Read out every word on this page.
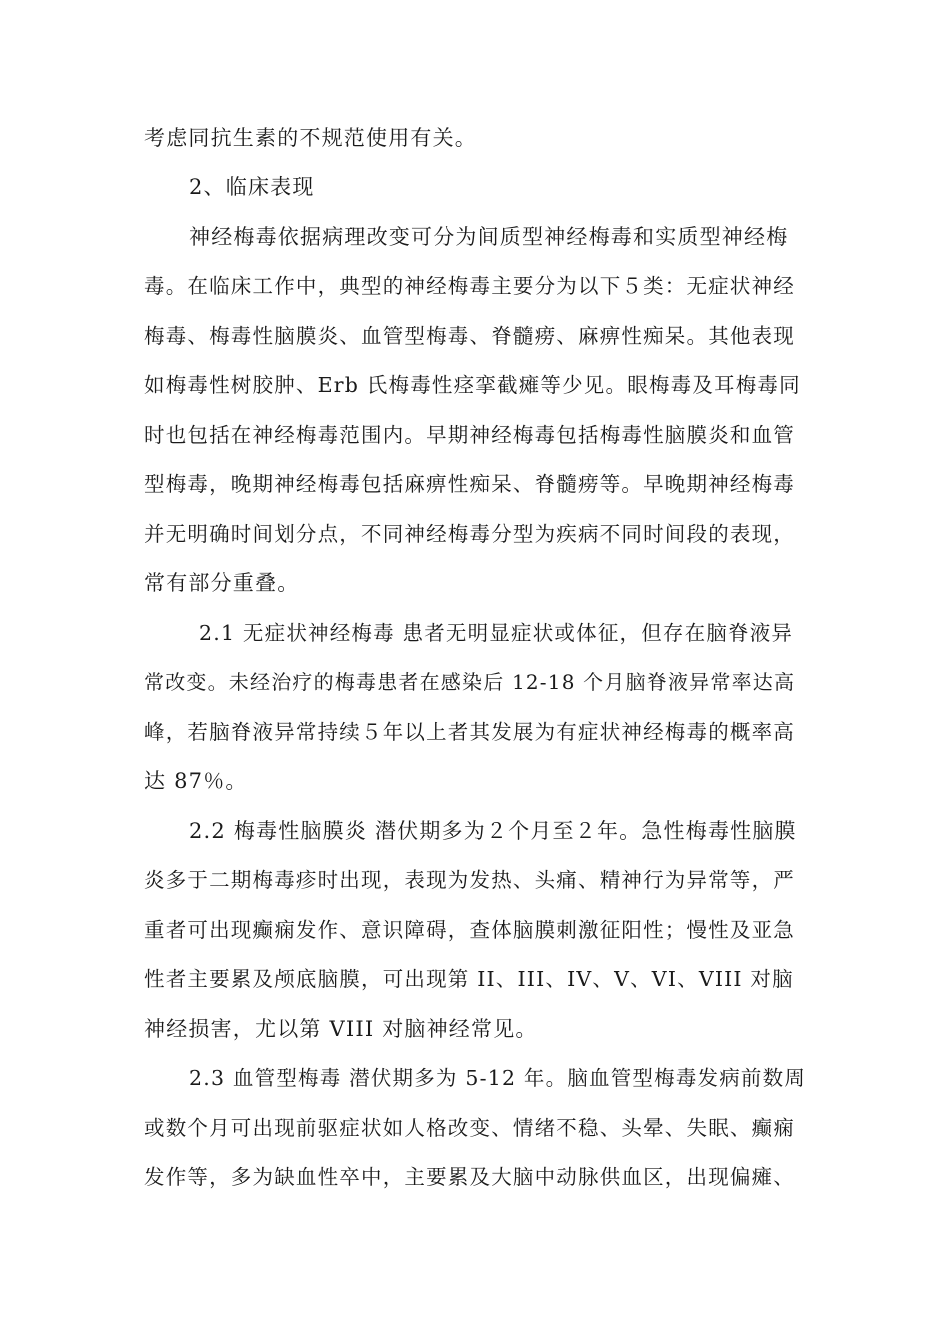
考虑同抗生素的不规范使用有关。
2、临床表现
神经梅毒依据病理改变可分为间质型神经梅毒和实质型神经梅
毒。在临床工作中，典型的神经梅毒主要分为以下５类：无症状神经
梅毒、梅毒性脑膜炎、血管型梅毒、脊髓痨、麻痹性痴呆。其他表现
如梅毒性树胶肿、Erb 氏梅毒性痉挛截瘫等少见。眼梅毒及耳梅毒同
时也包括在神经梅毒范围内。早期神经梅毒包括梅毒性脑膜炎和血管
型梅毒，晚期神经梅毒包括麻痹性痴呆、脊髓痨等。早晚期神经梅毒
并无明确时间划分点，不同神经梅毒分型为疾病不同时间段的表现，
常有部分重叠。
2.1 无症状神经梅毒 患者无明显症状或体征，但存在脑脊液异
常改变。未经治疗的梅毒患者在感染后 12-18 个月脑脊液异常率达高
峰，若脑脊液异常持续５年以上者其发展为有症状神经梅毒的概率高
达 87％。
2.2 梅毒性脑膜炎 潜伏期多为２个月至２年。急性梅毒性脑膜
炎多于二期梅毒疹时出现，表现为发热、头痛、精神行为异常等，严
重者可出现癫痫发作、意识障碍，查体脑膜刺激征阳性；慢性及亚急
性者主要累及颅底脑膜，可出现第 II、III、IV、V、VI、VIII 对脑
神经损害，尤以第 VIII 对脑神经常见。
2.3 血管型梅毒 潜伏期多为 5-12 年。脑血管型梅毒发病前数周
或数个月可出现前驱症状如人格改变、情绪不稳、头晕、失眠、癫痫
发作等，多为缺血性卒中，主要累及大脑中动脉供血区，出现偏瘫、
